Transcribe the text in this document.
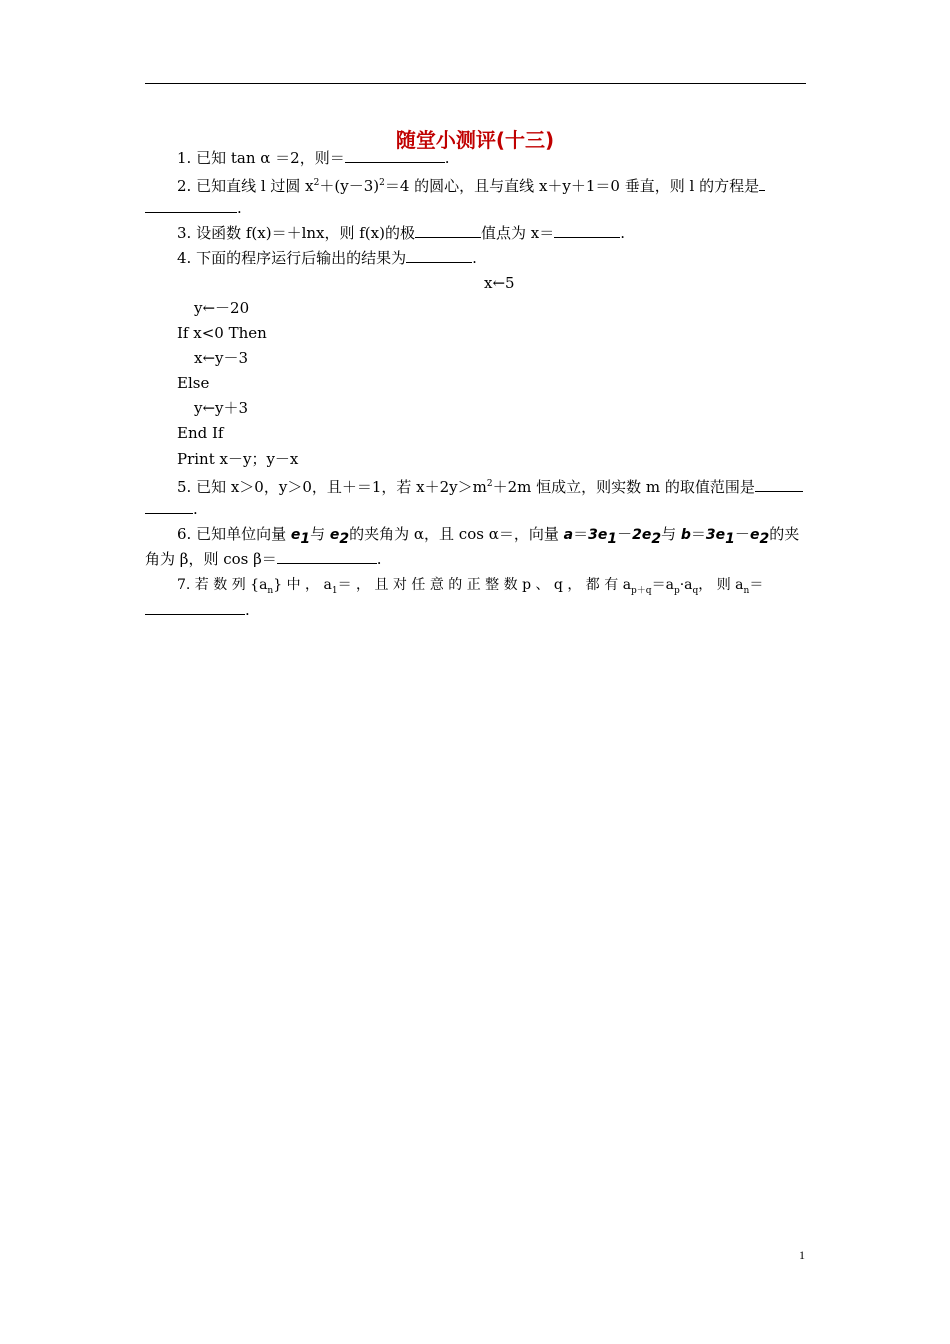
随堂小测评(十三)
1. 已知 tan α ＝2，则＝	.
2. 已知直线 l 过圆 $x^2+(y-3)^2=4$ 的圆心，且与直线 x＋y＋1＝0 垂直，则 l 的方程是
.
3. 设函数 f(x)＝＋lnx，则 f(x)的极	值点为 x＝	.
4. 下面的程序运行后输出的结果为	.
x←5
y←－20
If x<0 Then
x←y－3
Else
y←y＋3
End If
Print x－y；y－x
5. 已知 x＞0，y＞0，且＋＝1，若 $x+2y>m^2+2m$ 恒成立，则实数 m 的取值范围是
.
6. 已知单位向量 $e_1$与 $e_2$的夹角为 α，且 cos α＝，向量 $a=3e_1-2e_2$与 $b=3e_1-e_2$的夹
角为 β，则 cos β＝	.
7. 若 数 列 $\{a_n\}$ 中 ， $a_1=$ ， 且 对 任 意 的 正 整 数 p 、 q ， 都 有 $a_{p+q}=a_p\cdot a_q$， 则 $a_n=$
.
1
